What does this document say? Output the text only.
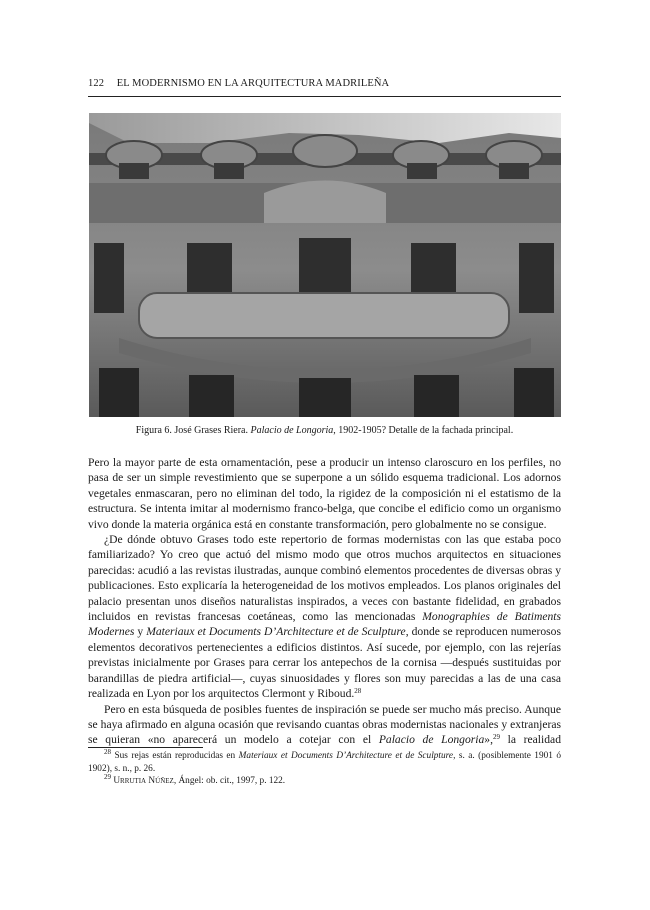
122 EL MODERNISMO EN LA ARQUITECTURA MADRILEÑA
Figura 6. José Grases Riera. Palacio de Longoria, 1902-1905? Detalle de la fachada principal.

Pero la mayor parte de esta ornamentación, pese a producir un intenso claroscuro en los perfiles, no pasa de ser un simple revestimiento que se superpone a un sólido esquema tradicional. Los adornos vegetales enmascaran, pero no eliminan del todo, la rigidez de la composición ni el estatismo de la estructura. Se intenta imitar al modernismo franco-belga, que concibe el edificio como un organismo vivo donde la materia orgánica está en constante transformación, pero globalmente no se consigue.

¿De dónde obtuvo Grases todo este repertorio de formas modernistas con las que estaba poco familiarizado? Yo creo que actuó del mismo modo que otros muchos arquitectos en situaciones parecidas: acudió a las revistas ilustradas, aunque combinó elementos procedentes de diversas obras y publicaciones. Esto explicaría la heterogeneidad de los motivos empleados. Los planos originales del palacio presentan unos diseños naturalistas inspirados, a veces con bastante fidelidad, en grabados incluidos en revistas francesas coetáneas, como las mencionadas Monographies de Batiments Modernes y Materiaux et Documents D’Architecture et de Sculpture, donde se reproducen numerosos elementos decorativos pertenecientes a edificios distintos. Así sucede, por ejemplo, con las rejerías previstas inicialmente por Grases para cerrar los antepechos de la cornisa —después sustituidas por barandillas de piedra artificial—, cuyas sinuosidades y flores son muy parecidas a las de una casa realizada en Lyon por los arquitectos Clermont y Riboud.$^{28}$

Pero en esta búsqueda de posibles fuentes de inspiración se puede ser mucho más preciso. Aunque se haya afirmado en alguna ocasión que revisando cuantas obras modernistas nacionales y extranjeras se quieran «no aparecerá un modelo a cotejar con el Palacio de Longoria»,$^{29}$ la realidad

$^{28}$ Sus rejas están reproducidas en Materiaux et Documents D’Architecture et de Sculpture, s. a. (posiblemente 1901 ó 1902), s. n., p. 26.

$^{29}$ Urrutia Núñez, Ángel: ob. cit., 1997, p. 122.
